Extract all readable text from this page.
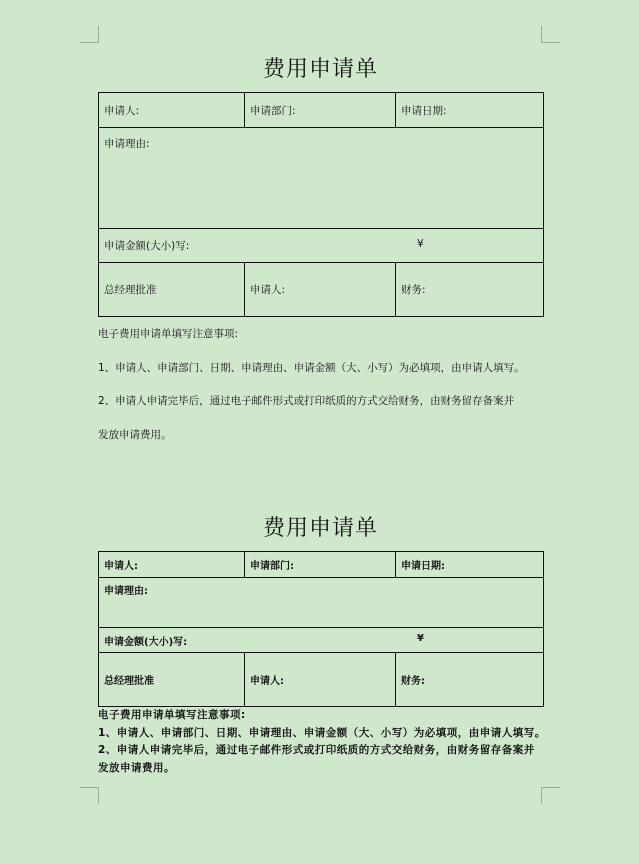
费用申请单
申请人:	申请部门:	申请日期:
申请理由:		
申请金额(大小)写: ¥		

总经理批准	申请人:	财务:

电子费用申请单填写注意事项:

1、申请人、申请部门、日期、申请理由、申请金额（大、小写）为必填项，由申请人填写。

2、申请人申请完毕后，通过电子邮件形式或打印纸质的方式交给财务，由财务留存备案并

发放申请费用。

费用申请单
申请人:	申请部门:	申请日期:
申请理由:		
申请金额(大小)写: ¥		

总经理批准	申请人:	财务:

电子费用申请单填写注意事项:

1、申请人、申请部门、日期、申请理由、申请金额（大、小写）为必填项，由申请人填写。

2、申请人申请完毕后，通过电子邮件形式或打印纸质的方式交给财务，由财务留存备案并

发放申请费用。
